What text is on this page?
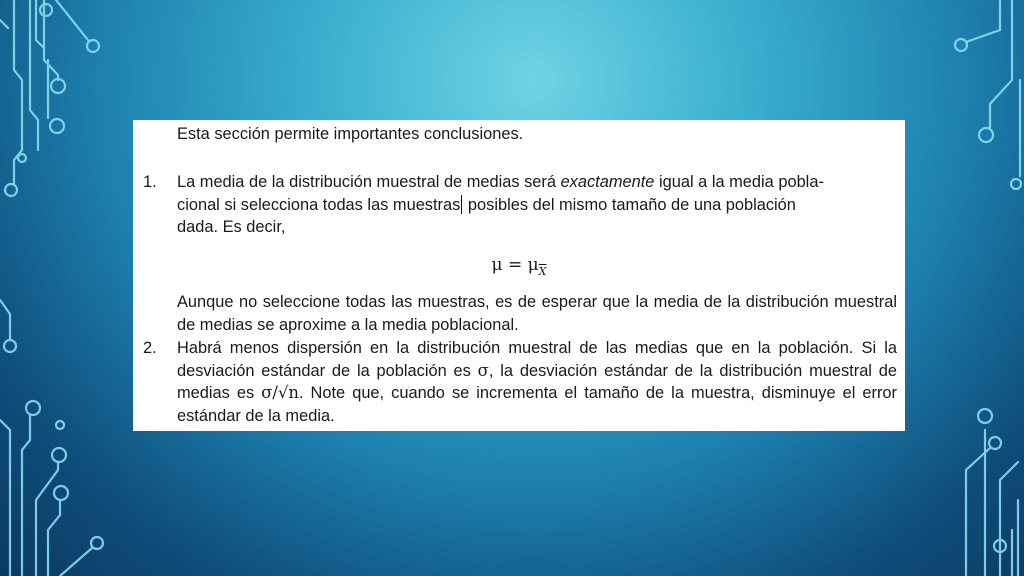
Esta sección permite importantes conclusiones.
1. La media de la distribución muestral de medias será exactamente igual a la media pobla-
cional si selecciona todas las muestras posibles del mismo tamaño de una población
dada. Es decir,
$\mu = \mu_{\overline{X}}$
Aunque no seleccione todas las muestras, es de esperar que la media de la distribución muestral de medias se aproxime a la media poblacional.
2. Habrá menos dispersión en la distribución muestral de las medias que en la población. Si la desviación estándar de la población es σ, la desviación estándar de la distribución muestral de medias es σ/√n. Note que, cuando se incrementa el tamaño de la muestra, disminuye el error estándar de la media.
